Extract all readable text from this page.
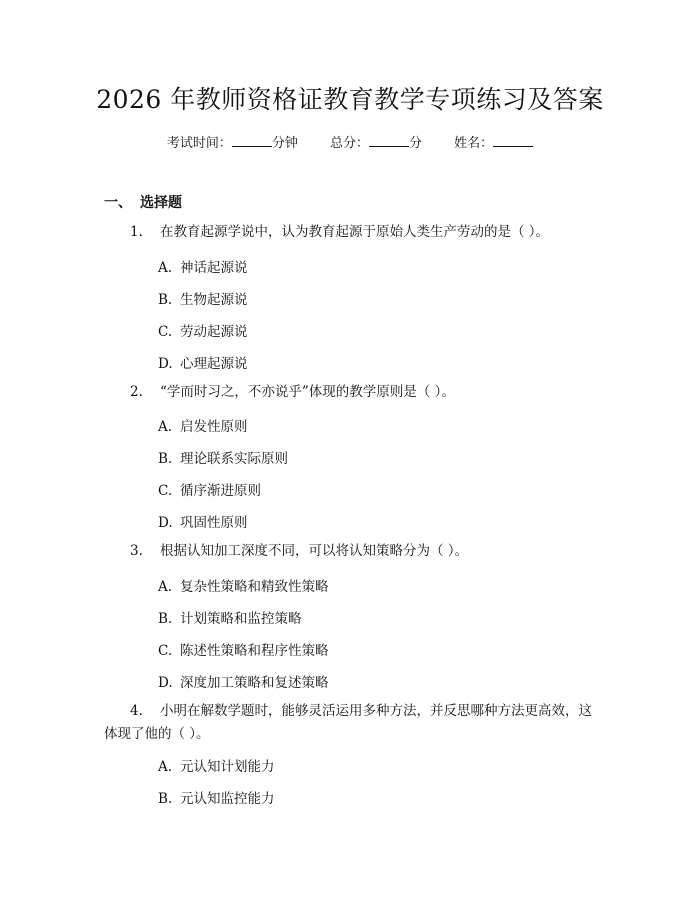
2026 年教师资格证教育教学专项练习及答案
考试时间：	分钟 总分：	分 姓名：
一、 选择题
1. 在教育起源学说中，认为教育起源于原始人类生产劳动的是（ ）。
A. 神话起源说
B. 生物起源说
C. 劳动起源说
D. 心理起源说
2. “学而时习之，不亦说乎”体现的教学原则是（ ）。
A. 启发性原则
B. 理论联系实际原则
C. 循序渐进原则
D. 巩固性原则
3. 根据认知加工深度不同，可以将认知策略分为（ ）。
A. 复杂性策略和精致性策略
B. 计划策略和监控策略
C. 陈述性策略和程序性策略
D. 深度加工策略和复述策略
4. 小明在解数学题时，能够灵活运用多种方法，并反思哪种方法更高效，这
体现了他的（ ）。
A. 元认知计划能力
B. 元认知监控能力
